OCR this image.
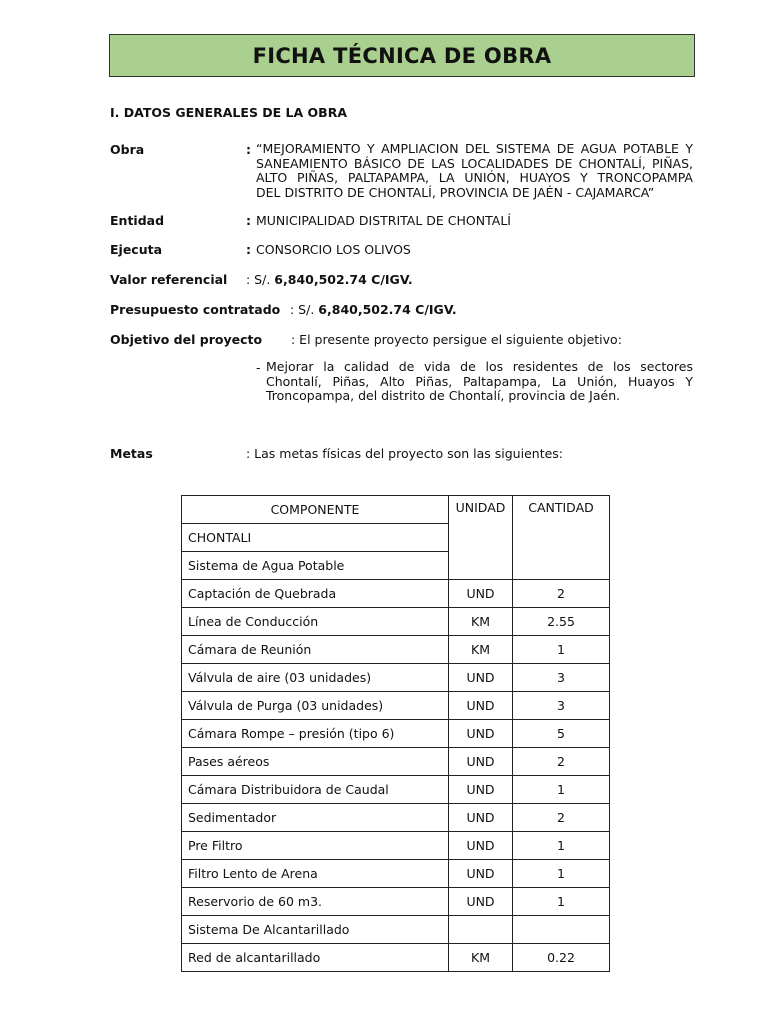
FICHA TÉCNICA DE OBRA
I. DATOS GENERALES DE LA OBRA
Obra	: “MEJORAMIENTO Y AMPLIACION DEL SISTEMA DE AGUA POTABLE Y
SANEAMIENTO BÁSICO DE LAS LOCALIDADES DE CHONTALÍ, PIÑAS,
ALTO PIÑAS, PALTAPAMPA, LA UNIÓN, HUAYOS Y TRONCOPAMPA
DEL DISTRITO DE CHONTALÍ, PROVINCIA DE JAÉN - CAJAMARCA”
Entidad	: MUNICIPALIDAD DISTRITAL DE CHONTALÍ
Ejecuta	: CONSORCIO LOS OLIVOS
Valor referencial : S/. 6,840,502.74 C/IGV.
Presupuesto contratado : S/. 6,840,502.74 C/IGV.
Objetivo del proyecto : El presente proyecto persigue el siguiente objetivo:
- Mejorar la calidad de vida de los residentes de los sectores
Chontalí, Piñas, Alto Piñas, Paltapampa, La Unión, Huayos Y
Troncopampa, del distrito de Chontalí, provincia de Jaén.
Metas	: Las metas físicas del proyecto son las siguientes:
COMPONENTE	UNIDAD	CANTIDAD
CHONTALI		
Sistema de Agua Potable		
Captación de Quebrada	UND	2
Línea de Conducción	KM	2.55
Cámara de Reunión	KM	1
Válvula de aire (03 unidades)	UND	3
Válvula de Purga (03 unidades)	UND	3
Cámara Rompe – presión (tipo 6)	UND	5
Pases aéreos	UND	2
Cámara Distribuidora de Caudal	UND	1
Sedimentador	UND	2
Pre Filtro	UND	1
Filtro Lento de Arena	UND	1
Reservorio de 60 m3.	UND	1
Sistema De Alcantarillado		
Red de alcantarillado	KM	0.22
